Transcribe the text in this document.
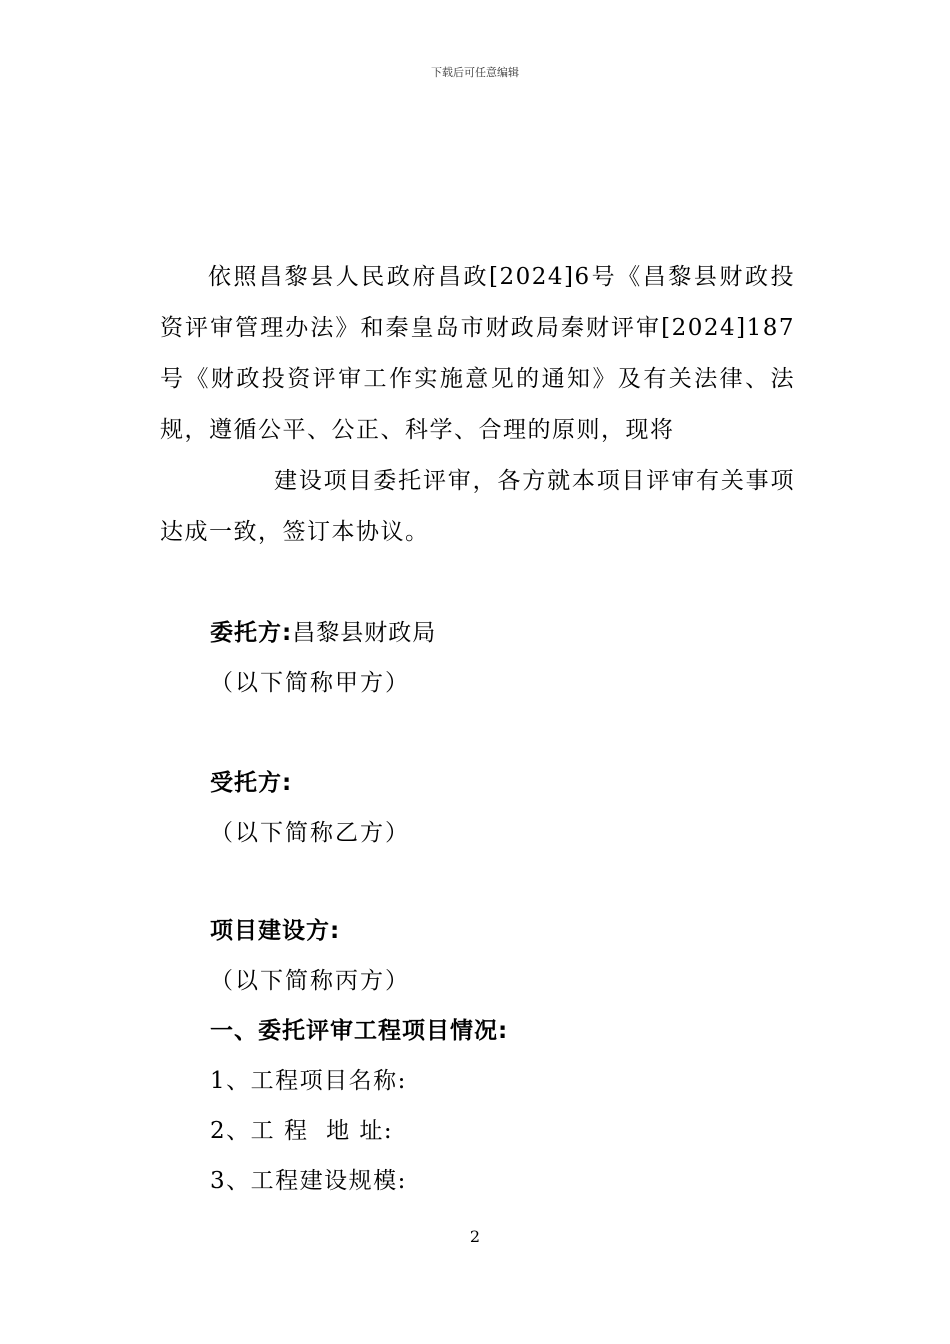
下载后可任意编辑

依照昌黎县人民政府昌政[2024]6号《昌黎县财政投资评审管理办法》和秦皇岛市财政局秦财评审[2024]187号《财政投资评审工作实施意见的通知》及有关法律、法规，遵循公平、公正、科学、合理的原则，现将

建设项目委托评审，各方就本项目评审有关事项达成一致，签订本协议。

委托方:昌黎县财政局

（以下简称甲方）

受托方:

（以下简称乙方）

项目建设方:

（以下简称丙方）

一、委托评审工程项目情况:

1、工程项目名称:

2、工 程  地 址:

3、工程建设规模:

2
